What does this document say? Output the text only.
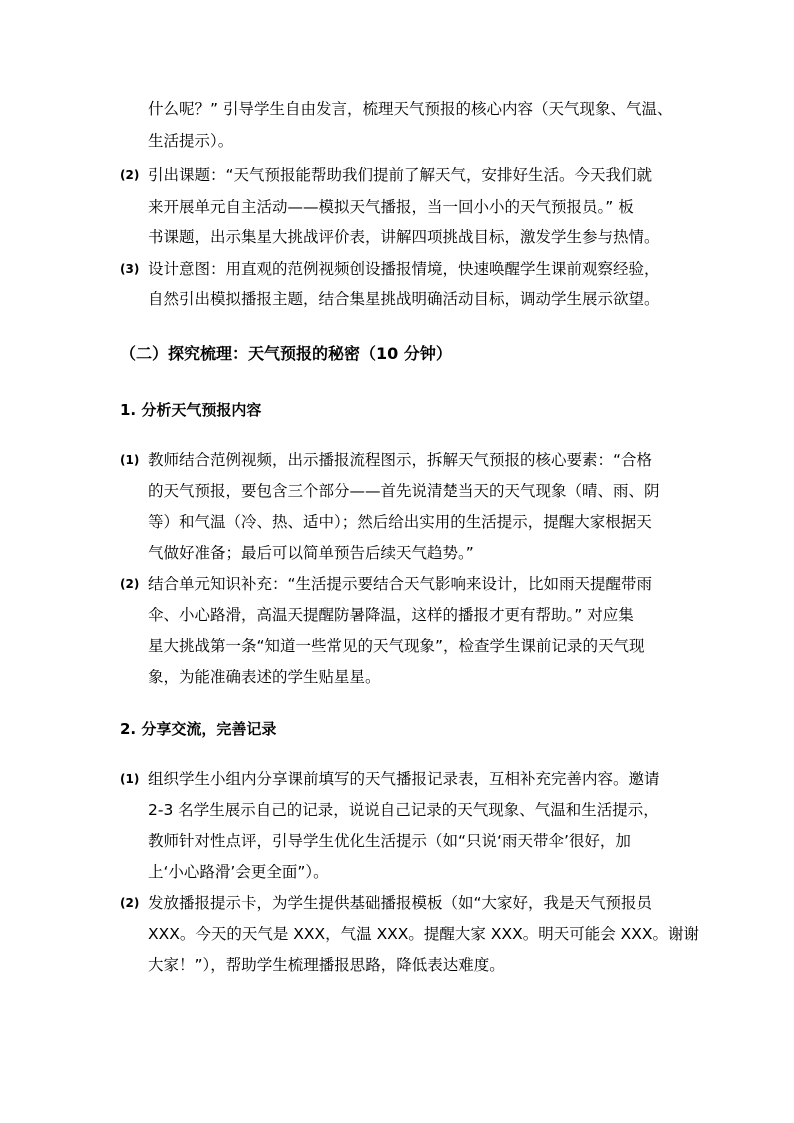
什么呢？” 引导学生自由发言，梳理天气预报的核心内容（天气现象、气温、
生活提示）。
(2) 引出课题：“天气预报能帮助我们提前了解天气，安排好生活。今天我们就
来开展单元自主活动——模拟天气播报，当一回小小的天气预报员。” 板
书课题，出示集星大挑战评价表，讲解四项挑战目标，激发学生参与热情。
(3) 设计意图：用直观的范例视频创设播报情境，快速唤醒学生课前观察经验，
自然引出模拟播报主题，结合集星挑战明确活动目标，调动学生展示欲望。
（二）探究梳理：天气预报的秘密（10 分钟）
1. 分析天气预报内容
(1) 教师结合范例视频，出示播报流程图示，拆解天气预报的核心要素：“合格
的天气预报，要包含三个部分——首先说清楚当天的天气现象（晴、雨、阴
等）和气温（冷、热、适中）；然后给出实用的生活提示，提醒大家根据天
气做好准备；最后可以简单预告后续天气趋势。”
(2) 结合单元知识补充：“生活提示要结合天气影响来设计，比如雨天提醒带雨
伞、小心路滑，高温天提醒防暑降温，这样的播报才更有帮助。” 对应集
星大挑战第一条“知道一些常见的天气现象”，检查学生课前记录的天气现
象，为能准确表述的学生贴星星。
2. 分享交流，完善记录
(1) 组织学生小组内分享课前填写的天气播报记录表，互相补充完善内容。邀请
2-3 名学生展示自己的记录，说说自己记录的天气现象、气温和生活提示，
教师针对性点评，引导学生优化生活提示（如“只说‘雨天带伞’很好，加
上‘小心路滑’会更全面”）。
(2) 发放播报提示卡，为学生提供基础播报模板（如“大家好，我是天气预报员
XXX。今天的天气是 XXX，气温 XXX。提醒大家 XXX。明天可能会 XXX。谢谢
大家！”），帮助学生梳理播报思路，降低表达难度。
